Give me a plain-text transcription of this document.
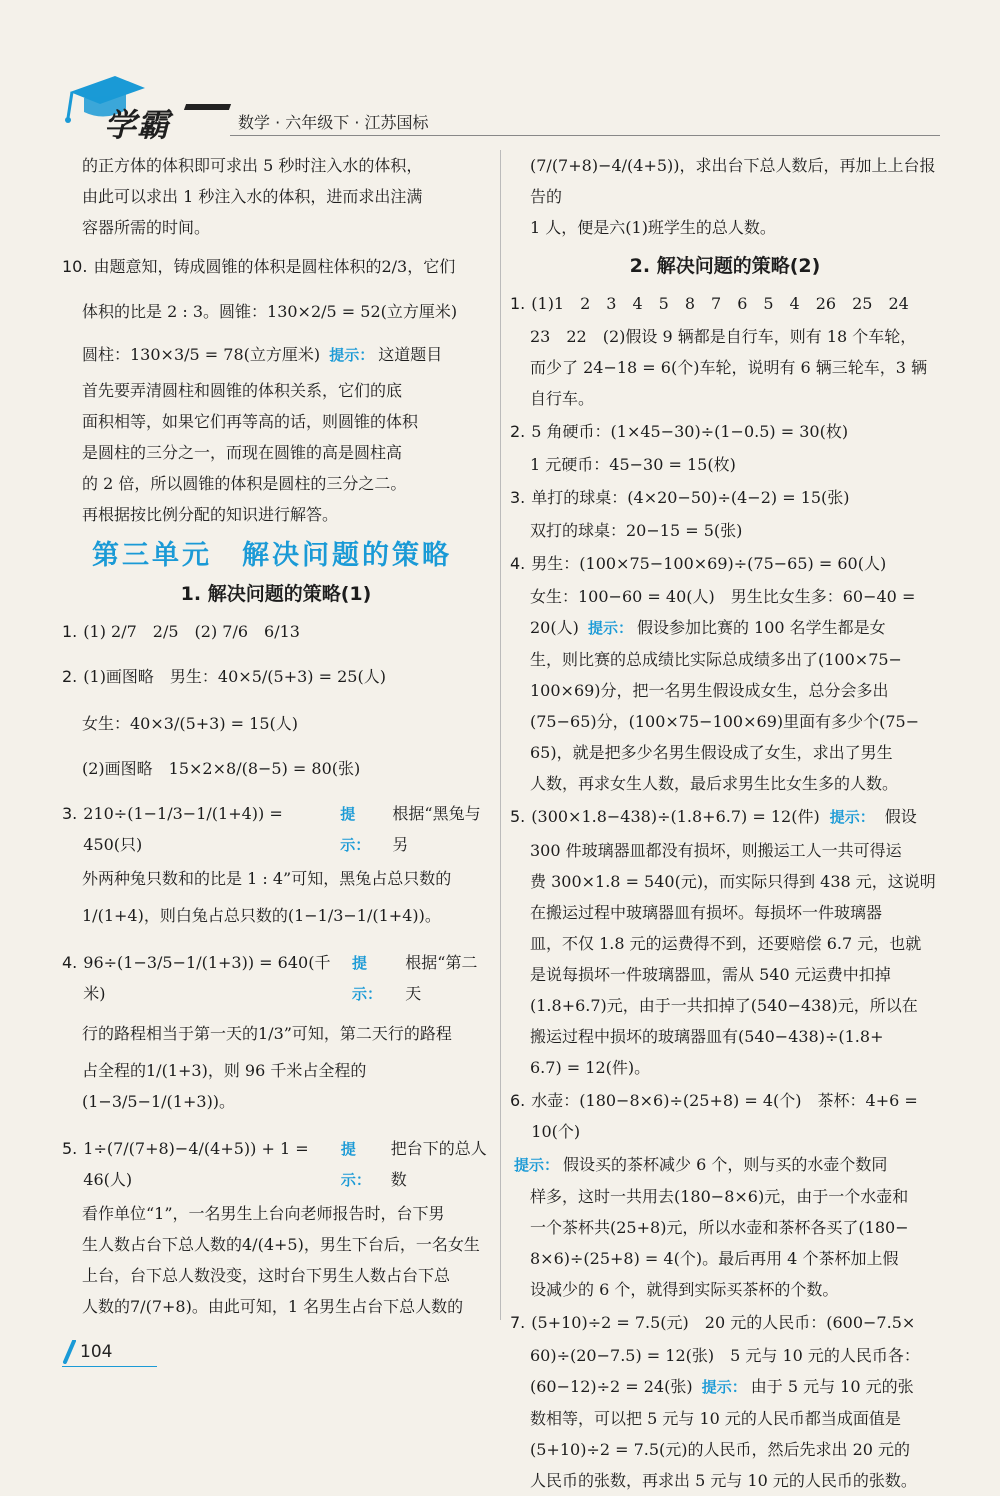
学霸	数学 · 六年级下 · 江苏国标
的正方体的体积即可求出 5 秒时注入水的体积，
由此可以求出 1 秒注入水的体积，进而求出注满
容器所需的时间。
10. 由题意知，铸成圆锥的体积是圆柱体积的2/3，它们
体积的比是 2 : 3。圆锥：130×2/5 = 52(立方厘米)
圆柱：130×3/5 = 78(立方厘米) 提示： 这道题目
首先要弄清圆柱和圆锥的体积关系，它们的底
面积相等，如果它们再等高的话，则圆锥的体积
是圆柱的三分之一，而现在圆锥的高是圆柱高
的 2 倍，所以圆锥的体积是圆柱的三分之二。
再根据按比例分配的知识进行解答。
第三单元　解决问题的策略
1. 解决问题的策略(1)
1. (1) 2/7　2/5　(2) 7/6　6/13
2. (1)画图略　男生：40×5/(5+3) = 25(人)
女生：40×3/(5+3) = 15(人)
(2)画图略　15×2×8/(8−5) = 80(张)
3. 210÷(1−1/3−1/(1+4)) = 450(只)
提示：
根据“黑兔与另
外两种兔只数和的比是 1 : 4”可知，黑兔占总只数的
1/(1+4)，则白兔占总只数的(1−1/3−1/(1+4))。
4. 96÷(1−3/5−1/(1+3)) = 640(千米)
提示：
根据“第二天
行的路程相当于第一天的1/3”可知，第二天行的路程
占全程的1/(1+3)，则 96 千米占全程的(1−3/5−1/(1+3))。
5. 1÷(7/(7+8)−4/(4+5)) + 1 = 46(人)
提示：
把台下的总人数
看作单位“1”，一名男生上台向老师报告时，台下男
生人数占台下总人数的4/(4+5)，男生下台后，一名女生
上台，台下总人数没变，这时台下男生人数占台下总
人数的7/(7+8)。由此可知，1 名男生占台下总人数的
(7/(7+8)−4/(4+5))，求出台下总人数后，再加上上台报告的
1 人，便是六(1)班学生的总人数。
2. 解决问题的策略(2)
1. (1)1　2　3　4　5　8　7　6　5　4　26　25　24
23　22　(2)假设 9 辆都是自行车，则有 18 个车轮，
而少了 24−18 = 6(个)车轮，说明有 6 辆三轮车，3 辆
自行车。
2. 5 角硬币：(1×45−30)÷(1−0.5) = 30(枚)
1 元硬币：45−30 = 15(枚)
3. 单打的球桌：(4×20−50)÷(4−2) = 15(张)
双打的球桌：20−15 = 5(张)
4. 男生：(100×75−100×69)÷(75−65) = 60(人)
女生：100−60 = 40(人)　男生比女生多：60−40 =
20(人) 提示： 假设参加比赛的 100 名学生都是女
生，则比赛的总成绩比实际总成绩多出了(100×75−
100×69)分，把一名男生假设成女生，总分会多出
(75−65)分，(100×75−100×69)里面有多少个(75−
65)，就是把多少名男生假设成了女生，求出了男生
人数，再求女生人数，最后求男生比女生多的人数。
5. (300×1.8−438)÷(1.8+6.7) = 12(件) 提示： 假设
300 件玻璃器皿都没有损坏，则搬运工人一共可得运
费 300×1.8 = 540(元)，而实际只得到 438 元，这说明
在搬运过程中玻璃器皿有损坏。每损坏一件玻璃器
皿，不仅 1.8 元的运费得不到，还要赔偿 6.7 元，也就
是说每损坏一件玻璃器皿，需从 540 元运费中扣掉
(1.8+6.7)元，由于一共扣掉了(540−438)元，所以在
搬运过程中损坏的玻璃器皿有(540−438)÷(1.8+
6.7) = 12(件)。
6. 水壶：(180−8×6)÷(25+8) = 4(个)　茶杯：4+6 = 10(个)
提示： 假设买的茶杯减少 6 个，则与买的水壶个数同
样多，这时一共用去(180−8×6)元，由于一个水壶和
一个茶杯共(25+8)元，所以水壶和茶杯各买了(180−
8×6)÷(25+8) = 4(个)。最后再用 4 个茶杯加上假
设减少的 6 个，就得到实际买茶杯的个数。
7. (5+10)÷2 = 7.5(元)　20 元的人民币：(600−7.5×
60)÷(20−7.5) = 12(张)　5 元与 10 元的人民币各：
(60−12)÷2 = 24(张) 提示： 由于 5 元与 10 元的张
数相等，可以把 5 元与 10 元的人民币都当成面值是
(5+10)÷2 = 7.5(元)的人民币，然后先求出 20 元的
人民币的张数，再求出 5 元与 10 元的人民币的张数。
104
